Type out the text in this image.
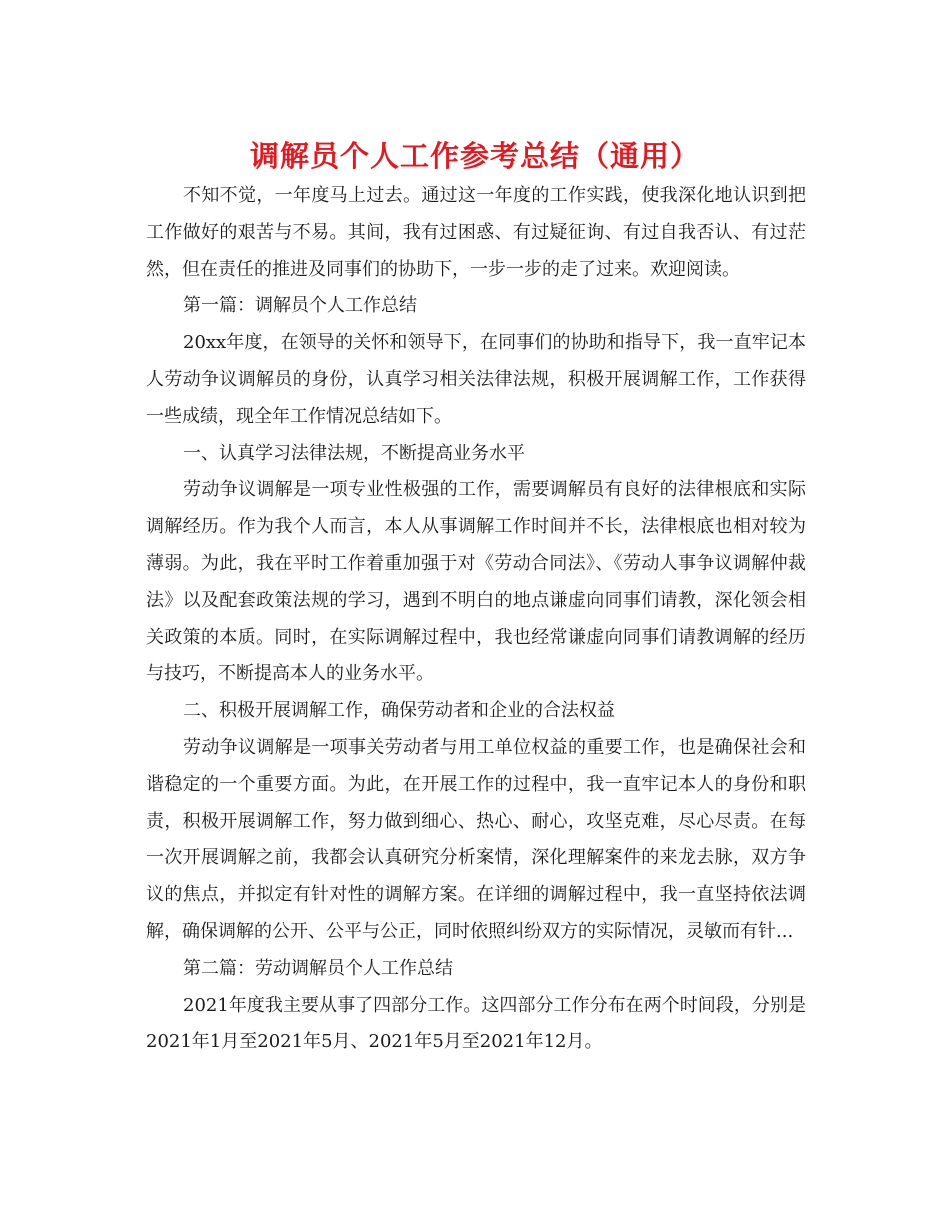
调解员个人工作参考总结（通用）

不知不觉，一年度马上过去。通过这一年度的工作实践，使我深化地认识到把工作做好的艰苦与不易。其间，我有过困惑、有过疑征询、有过自我否认、有过茫然，但在责任的推进及同事们的协助下，一步一步的走了过来。欢迎阅读。

第一篇：调解员个人工作总结

20xx年度，在领导的关怀和领导下，在同事们的协助和指导下，我一直牢记本人劳动争议调解员的身份，认真学习相关法律法规，积极开展调解工作，工作获得一些成绩，现全年工作情况总结如下。

一、认真学习法律法规，不断提高业务水平

劳动争议调解是一项专业性极强的工作，需要调解员有良好的法律根底和实际调解经历。作为我个人而言，本人从事调解工作时间并不长，法律根底也相对较为薄弱。为此，我在平时工作着重加强于对《劳动合同法》、《劳动人事争议调解仲裁法》以及配套政策法规的学习，遇到不明白的地点谦虚向同事们请教，深化领会相关政策的本质。同时，在实际调解过程中，我也经常谦虚向同事们请教调解的经历与技巧，不断提高本人的业务水平。

二、积极开展调解工作，确保劳动者和企业的合法权益

劳动争议调解是一项事关劳动者与用工单位权益的重要工作，也是确保社会和谐稳定的一个重要方面。为此，在开展工作的过程中，我一直牢记本人的身份和职责，积极开展调解工作，努力做到细心、热心、耐心，攻坚克难，尽心尽责。在每一次开展调解之前，我都会认真研究分析案情，深化理解案件的来龙去脉，双方争议的焦点，并拟定有针对性的调解方案。在详细的调解过程中，我一直坚持依法调解，确保调解的公开、公平与公正，同时依照纠纷双方的实际情况，灵敏而有针...

第二篇：劳动调解员个人工作总结

2021年度我主要从事了四部分工作。这四部分工作分布在两个时间段，分别是2021年1月至2021年5月、2021年5月至2021年12月。
